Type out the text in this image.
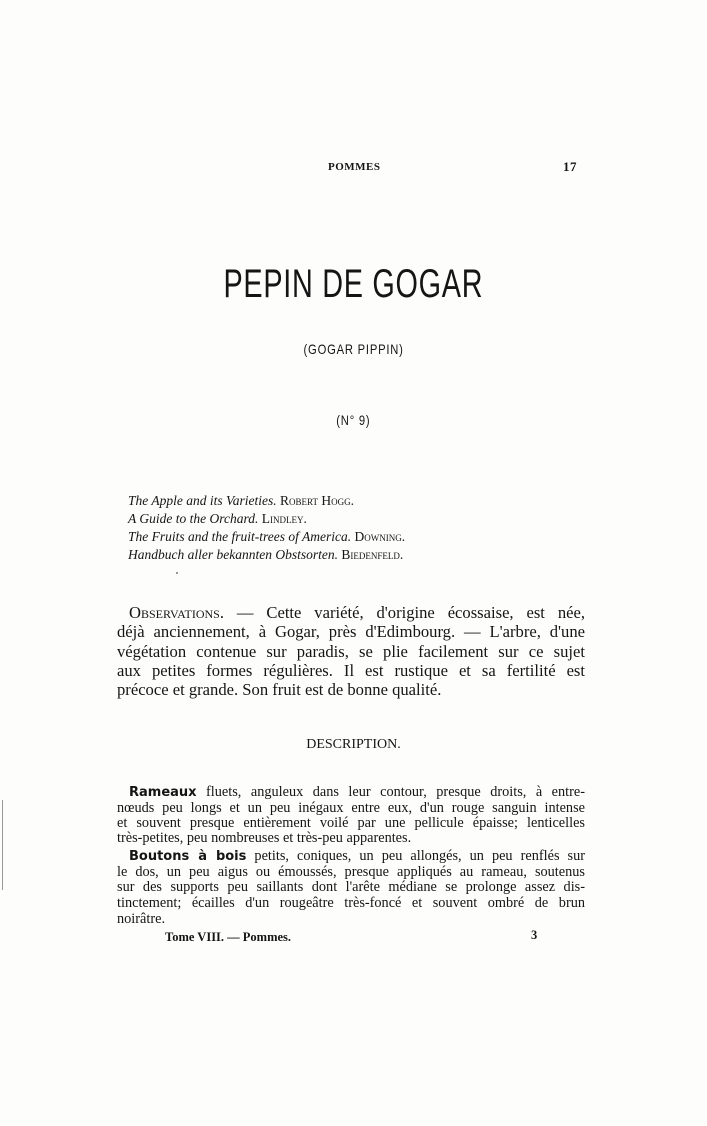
POMMES	17
PEPIN DE GOGAR
(GOGAR PIPPIN)
(N° 9)
The Apple and its Varieties. Robert Hogg.
A Guide to the Orchard. Lindley.
The Fruits and the fruit-trees of America. Downing.
Handbuch aller bekannten Obstsorten. Biedenfeld.
Observations. — Cette variété, d'origine écossaise, est née,
déjà anciennement, à Gogar, près d'Edimbourg. — L'arbre, d'une
végétation contenue sur paradis, se plie facilement sur ce sujet
aux petites formes régulières. Il est rustique et sa fertilité est
précoce et grande. Son fruit est de bonne qualité.
DESCRIPTION.
Rameaux fluets, anguleux dans leur contour, presque droits, à entre-
nœuds peu longs et un peu inégaux entre eux, d'un rouge sanguin intense
et souvent presque entièrement voilé par une pellicule épaisse; lenticelles
très-petites, peu nombreuses et très-peu apparentes.
Boutons à bois petits, coniques, un peu allongés, un peu renflés sur
le dos, un peu aigus ou émoussés, presque appliqués au rameau, soutenus
sur des supports peu saillants dont l'arête médiane se prolonge assez dis-
tinctement; écailles d'un rougeâtre très-foncé et souvent ombré de brun
noirâtre.
Tome VIII. — Pommes.	3
